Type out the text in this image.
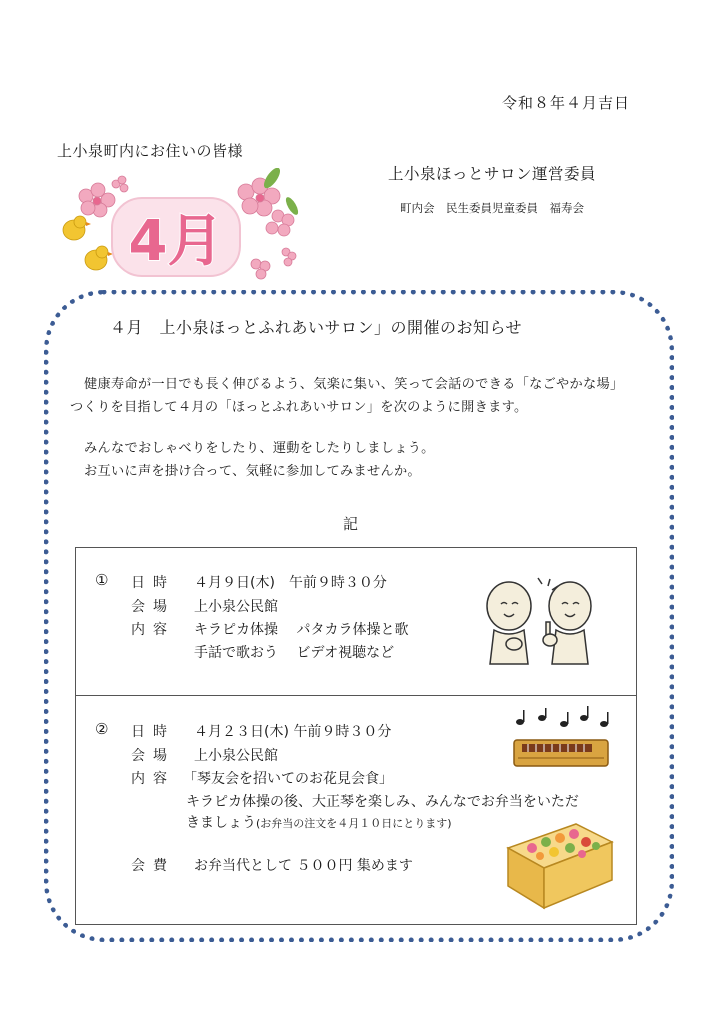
令和８年４月吉日
上小泉町内にお住いの皆様
上小泉ほっとサロン運営委員
町内会　民生委員児童委員　福寿会
4月
４月　上小泉ほっとふれあいサロン」の開催のお知らせ
健康寿命が一日でも長く伸びるよう、気楽に集い、笑って会話のできる「なごやかな場」
つくりを目指して４月の「ほっとふれあいサロン」を次のように開きます。
みんなでおしゃべりをしたり、運動をしたりしましょう。
お互いに声を掛け合って、気軽に参加してみませんか。
記
① 日時	４月９日(木)　午前９時３０分
会場	上小泉公民館
内容	キラピカ体操　 パタカラ体操と歌
手話で歌おう　 ビデオ視聴など
② 日時	４月２３日(木) 午前９時３０分
会場	上小泉公民館
内容 「琴友会を招いてのお花見会食」
キラピカ体操の後、大正琴を楽しみ、みんなでお弁当をいただ
きましょう(お弁当の注文を４月１０日にとります)
会費	お弁当代として ５００円 集めます
